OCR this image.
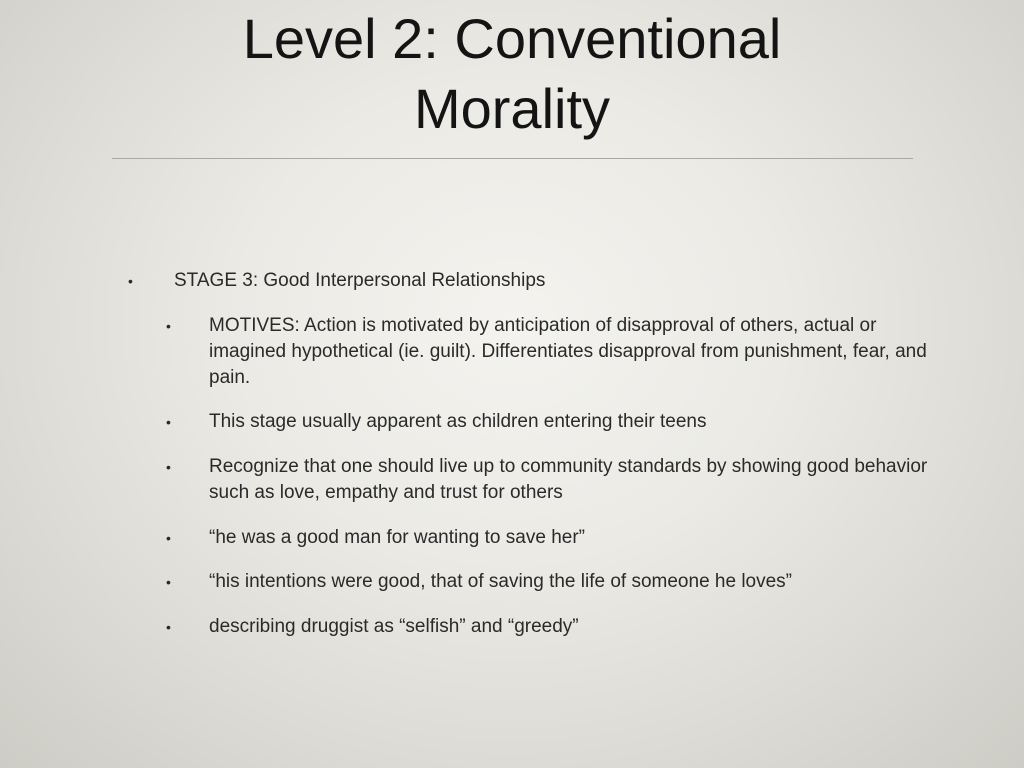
Level 2: Conventional
Morality
• STAGE 3: Good Interpersonal Relationships
• MOTIVES: Action is motivated by anticipation of disapproval of others, actual or imagined hypothetical (ie. guilt). Differentiates disapproval from punishment, fear, and pain.
• This stage usually apparent as children entering their teens
• Recognize that one should live up to community standards by showing good behavior such as love, empathy and trust for others
• “he was a good man for wanting to save her”
• “his intentions were good, that of saving the life of someone he loves”
• describing druggist as “selfish” and “greedy”
